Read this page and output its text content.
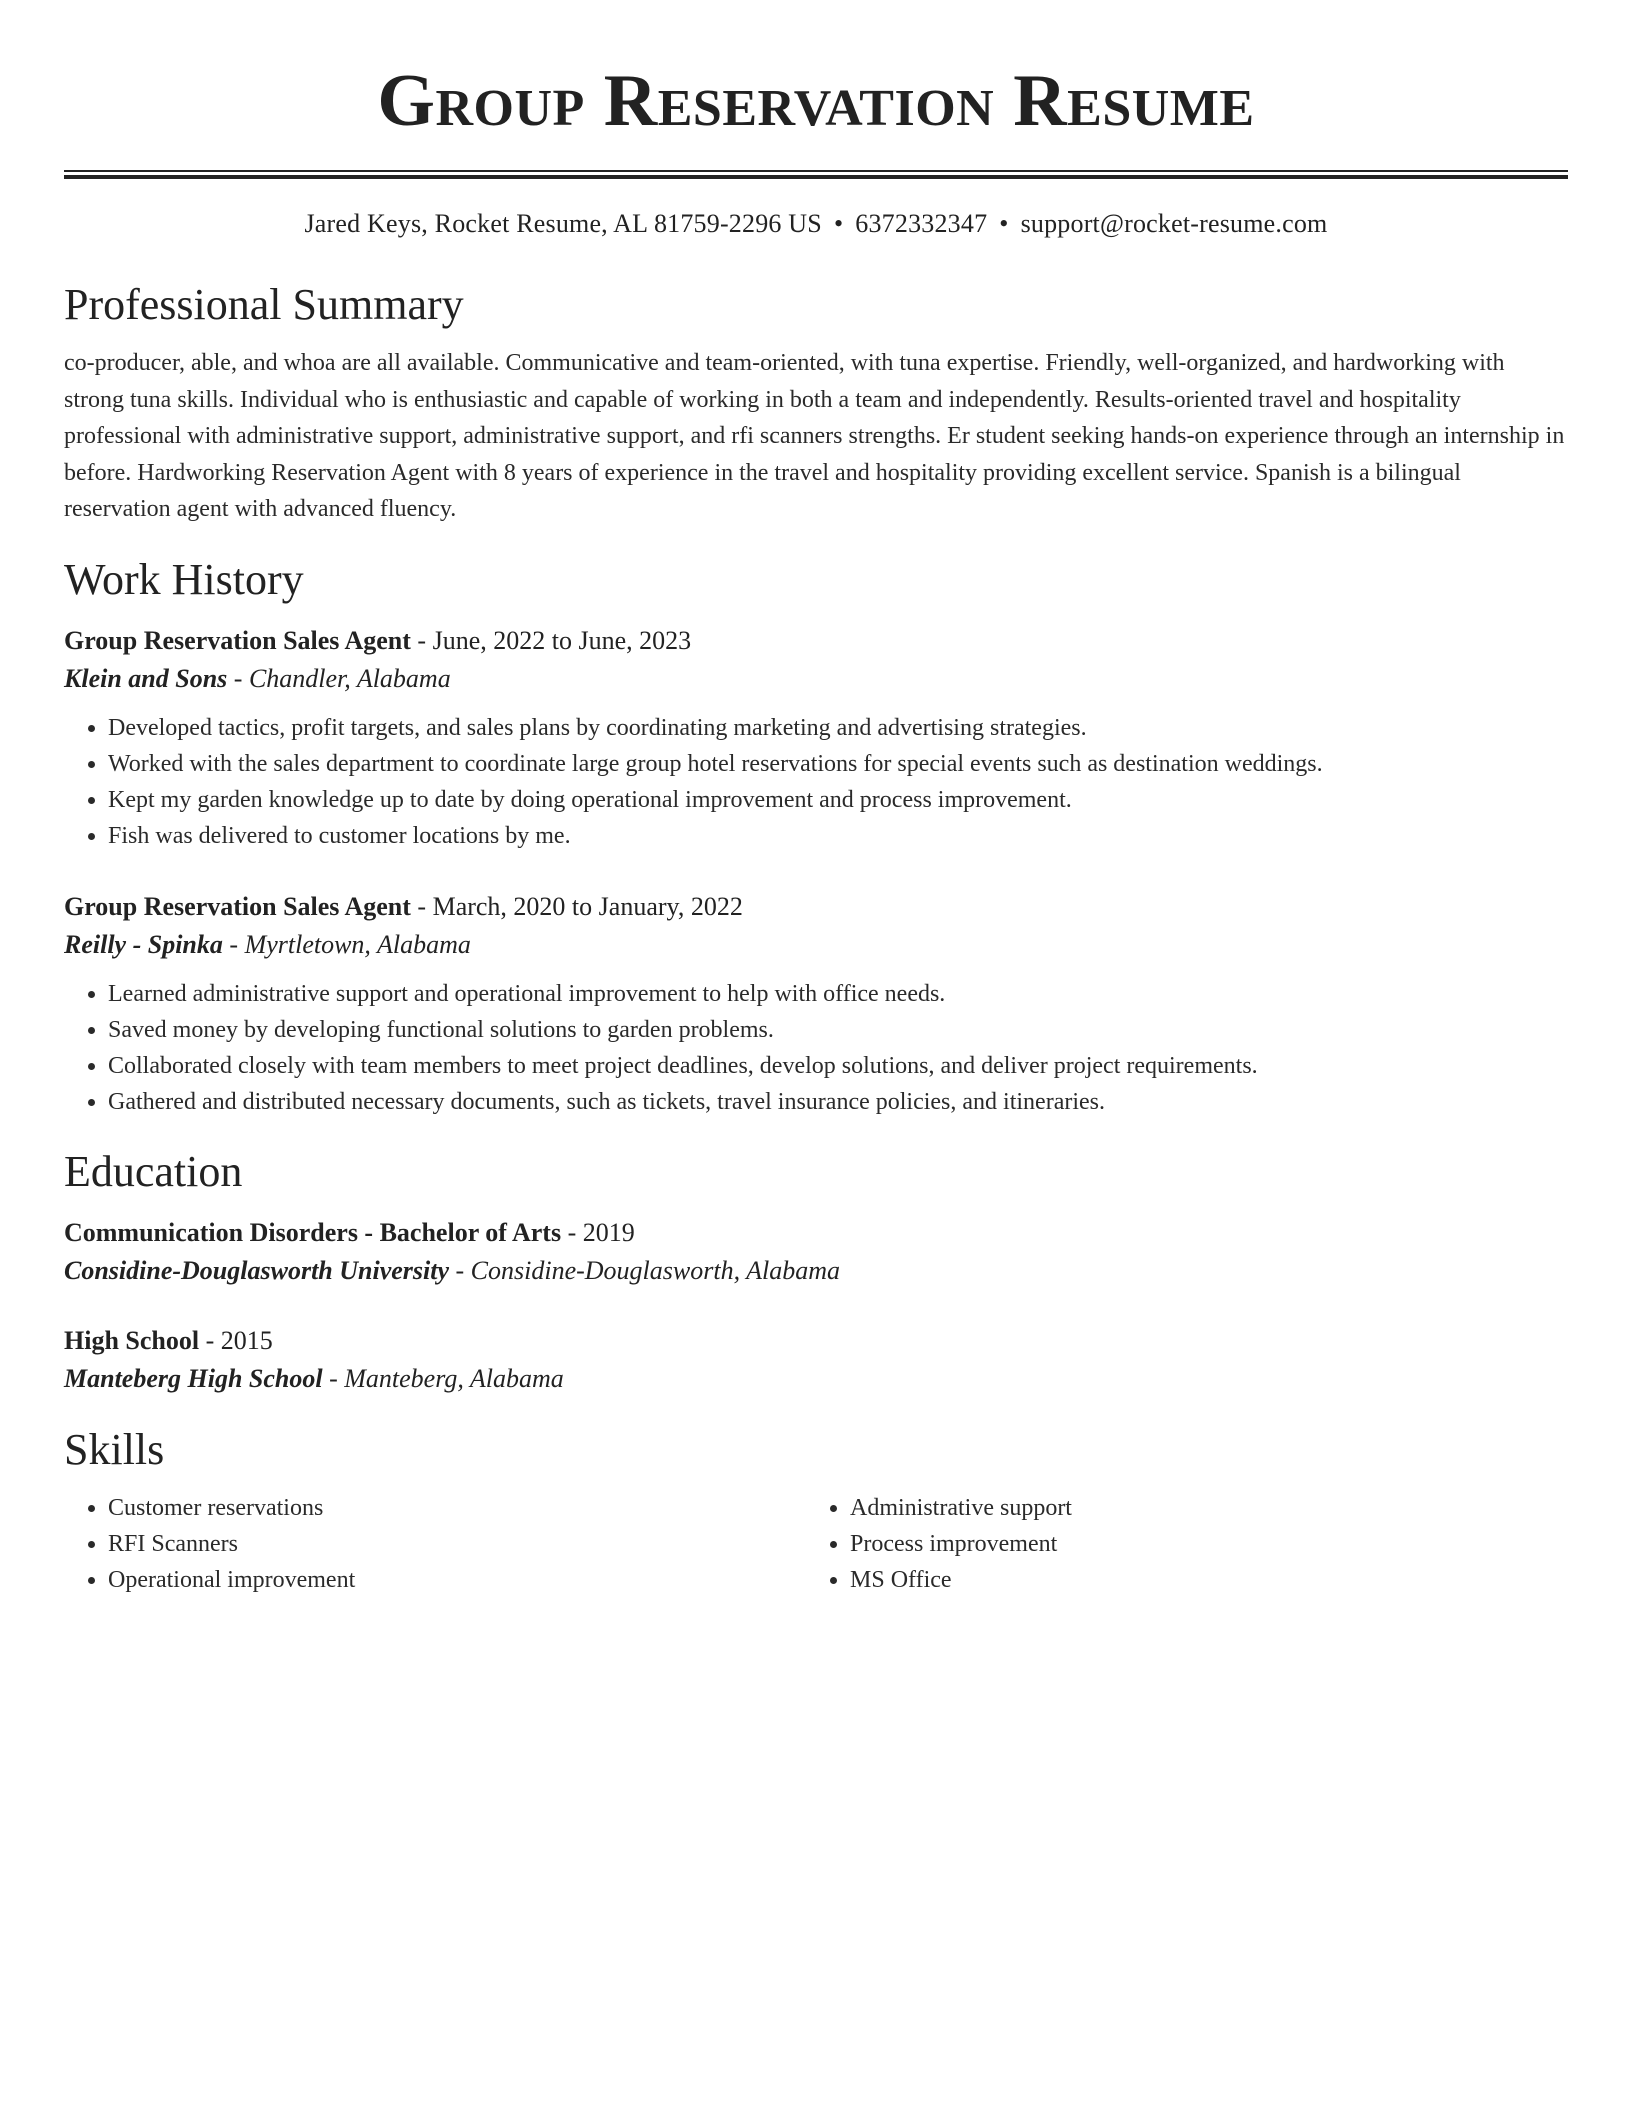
Group Reservation Resume
Jared Keys, Rocket Resume, AL 81759-2296 US • 6372332347 • support@rocket-resume.com
Professional Summary

co-producer, able, and whoa are all available. Communicative and team-oriented, with tuna expertise. Friendly, well-organized, and hardworking with strong tuna skills. Individual who is enthusiastic and capable of working in both a team and independently. Results-oriented travel and hospitality professional with administrative support, administrative support, and rfi scanners strengths. Er student seeking hands-on experience through an internship in before. Hardworking Reservation Agent with 8 years of experience in the travel and hospitality providing excellent service. Spanish is a bilingual reservation agent with advanced fluency.

Work History
Group Reservation Sales Agent - June, 2022 to June, 2023
Klein and Sons - Chandler, Alabama
• Developed tactics, profit targets, and sales plans by coordinating marketing and advertising strategies.
• Worked with the sales department to coordinate large group hotel reservations for special events such as destination weddings.
• Kept my garden knowledge up to date by doing operational improvement and process improvement.
• Fish was delivered to customer locations by me.
Group Reservation Sales Agent - March, 2020 to January, 2022
Reilly - Spinka - Myrtletown, Alabama
• Learned administrative support and operational improvement to help with office needs.
• Saved money by developing functional solutions to garden problems.
• Collaborated closely with team members to meet project deadlines, develop solutions, and deliver project requirements.
• Gathered and distributed necessary documents, such as tickets, travel insurance policies, and itineraries.
Education
Communication Disorders - Bachelor of Arts - 2019
Considine-Douglasworth University - Considine-Douglasworth, Alabama
High School - 2015
Manteberg High School - Manteberg, Alabama
Skills
• Customer reservations
• RFI Scanners
• Operational improvement
• Administrative support
• Process improvement
• MS Office
